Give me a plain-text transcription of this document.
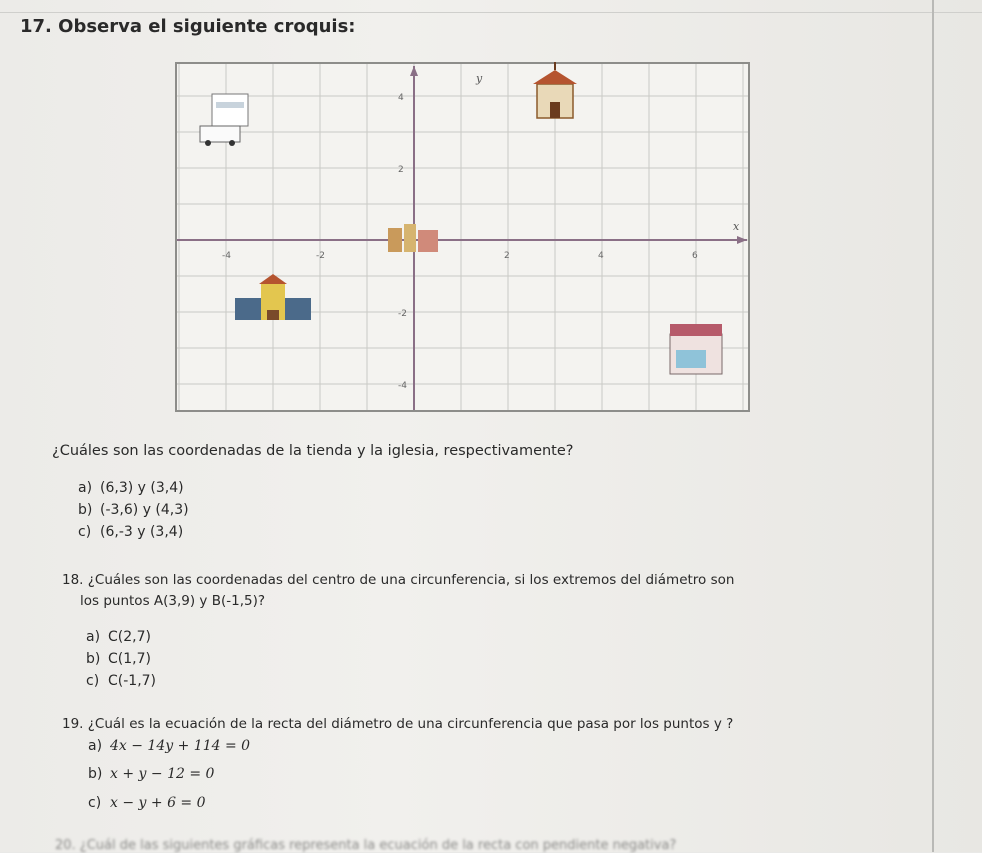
17. Observa el siguiente croquis:
x
y
-4	-2	2	4	6
4
2
-2
-4
¿Cuáles son las coordenadas de la tienda y la iglesia, respectivamente?
a) (6,3) y (3,4)
b) (-3,6) y (4,3)
c) (6,-3 y (3,4)
18. ¿Cuáles son las coordenadas del centro de una circunferencia, si los extremos del diámetro son
los puntos A(3,9) y B(-1,5)?
a) C(2,7)
b) C(1,7)
c) C(-1,7)
19. ¿Cuál es la ecuación de la recta del diámetro de una circunferencia que pasa por los puntos y ?
a) 4x − 14y + 114 = 0
b) x + y − 12 = 0
c) x − y + 6 = 0
20. ¿Cuál de las siguientes gráficas representa la ecuación de la recta con pendiente negativa?
